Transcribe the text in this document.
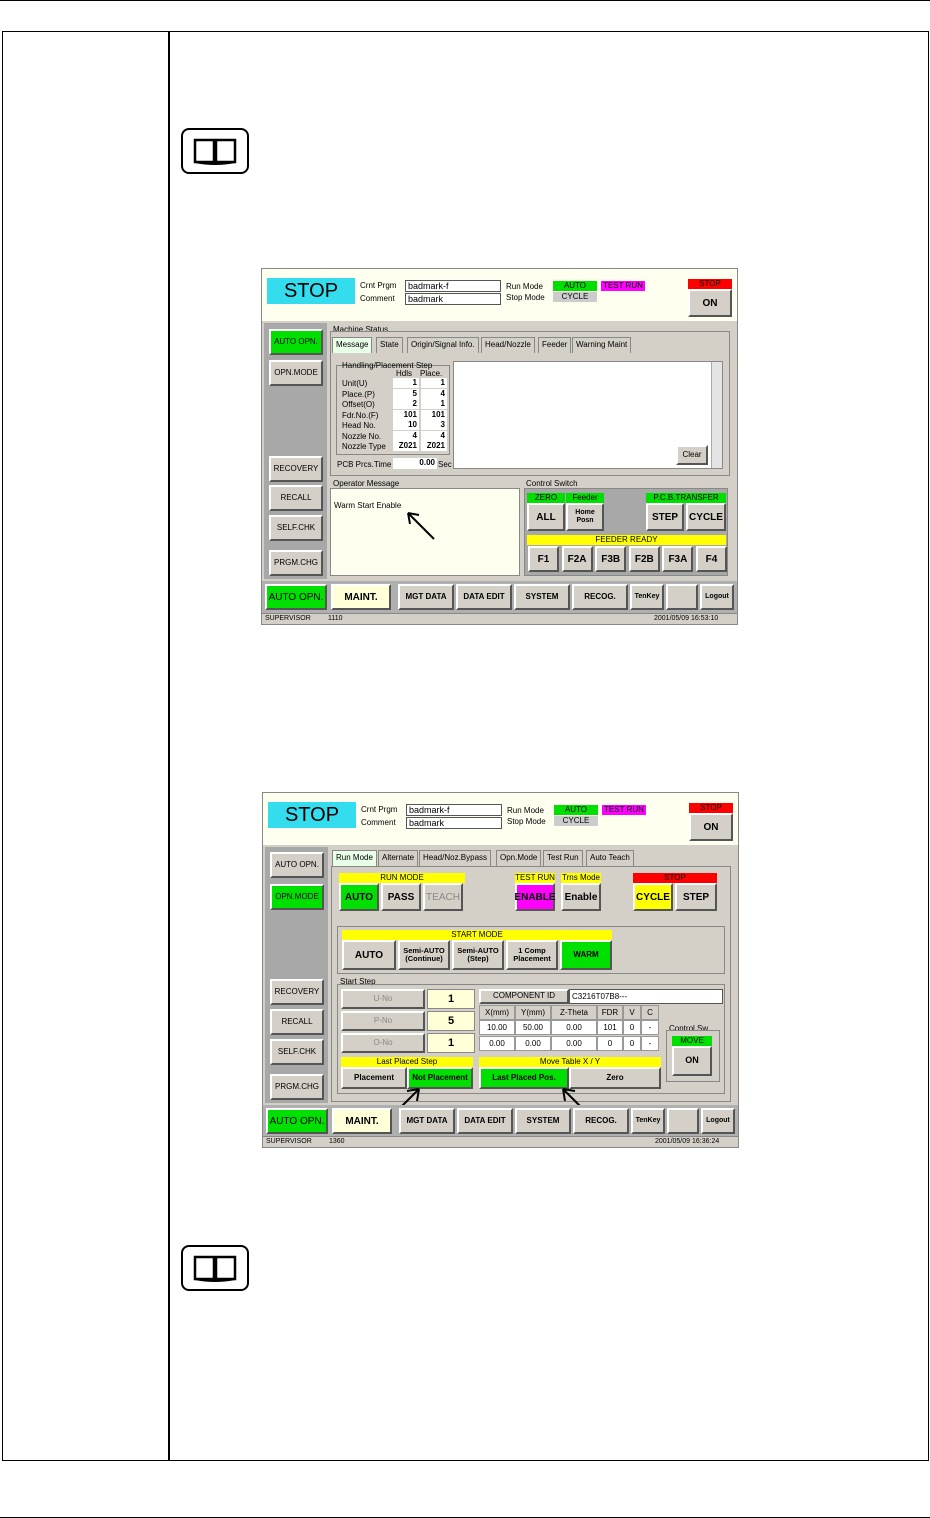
STOP	Crnt Prgm	badmark-f
Comment	badmark
Run Mode	AUTO	TEST RUN
Stop Mode	CYCLE
STOP
ON
AUTO OPN.
OPN.MODE
RECOVERY
RECALL
SELF.CHK
PRGM.CHG
Machine Status
Message	State	Origin/Signal Info.	Head/Nozzle	Feeder	Warning Maint
Handling/Placement Step
Hdls Place.
Unit(U)	1	1
Place.(P)	5	4
Offset(O)	2	1
Fdr.No.(F)	101	101
Head No.	10	3
Nozzle No.	4	4
Nozzle Type	Z021	Z021
PCB Prcs.Time	0.00 Sec
Clear
Operator Message
Warm Start Enable
Control Switch
ZERO	Feeder
ALL	Home Posn
P.C.B.TRANSFER
STEP	CYCLE
FEEDER READY
F1	F2A	F3B	F2B	F3A	F4
AUTO OPN.	MAINT.	MGT DATA	DATA EDIT	SYSTEM	RECOG.	TenKey	Logout
SUPERVISOR 1110	2001/05/09 16:53:10
STOP	Crnt Prgm	badmark-f
Comment	badmark
Run Mode	AUTO	TEST RUN
Stop Mode	CYCLE
STOP
ON
AUTO OPN.
OPN.MODE
RECOVERY
RECALL
SELF.CHK
PRGM.CHG
Run Mode	Alternate	Head/Noz.Bypass	Opn.Mode	Test Run	Auto Teach
RUN MODE
AUTO	PASS	TEACH
TEST RUN
ENABLE
Trns Mode
Enable
STOP
CYCLE	STEP
START MODE
AUTO	Semi-AUTO (Continue)
Semi-AUTO (Step)
1 Comp Placement	WARM
Start Step
U-No	1
P-No	5
O-No	1
COMPONENT ID	C3216T07B8---
X(mm)	Y(mm)	Z-Theta	FDR	V	C
10.00	50.00	0.00	101	0	-
0.00	0.00	0.00	0	0	-
Control Sw
MOVE
ON
Last Placed Step
Placement	Not Placement
Move Table X / Y
Last Placed Pos.	Zero
AUTO OPN.	MAINT.	MGT DATA	DATA EDIT	SYSTEM	RECOG.	TenKey	Logout
SUPERVISOR 1360	2001/05/09 16:36:24
